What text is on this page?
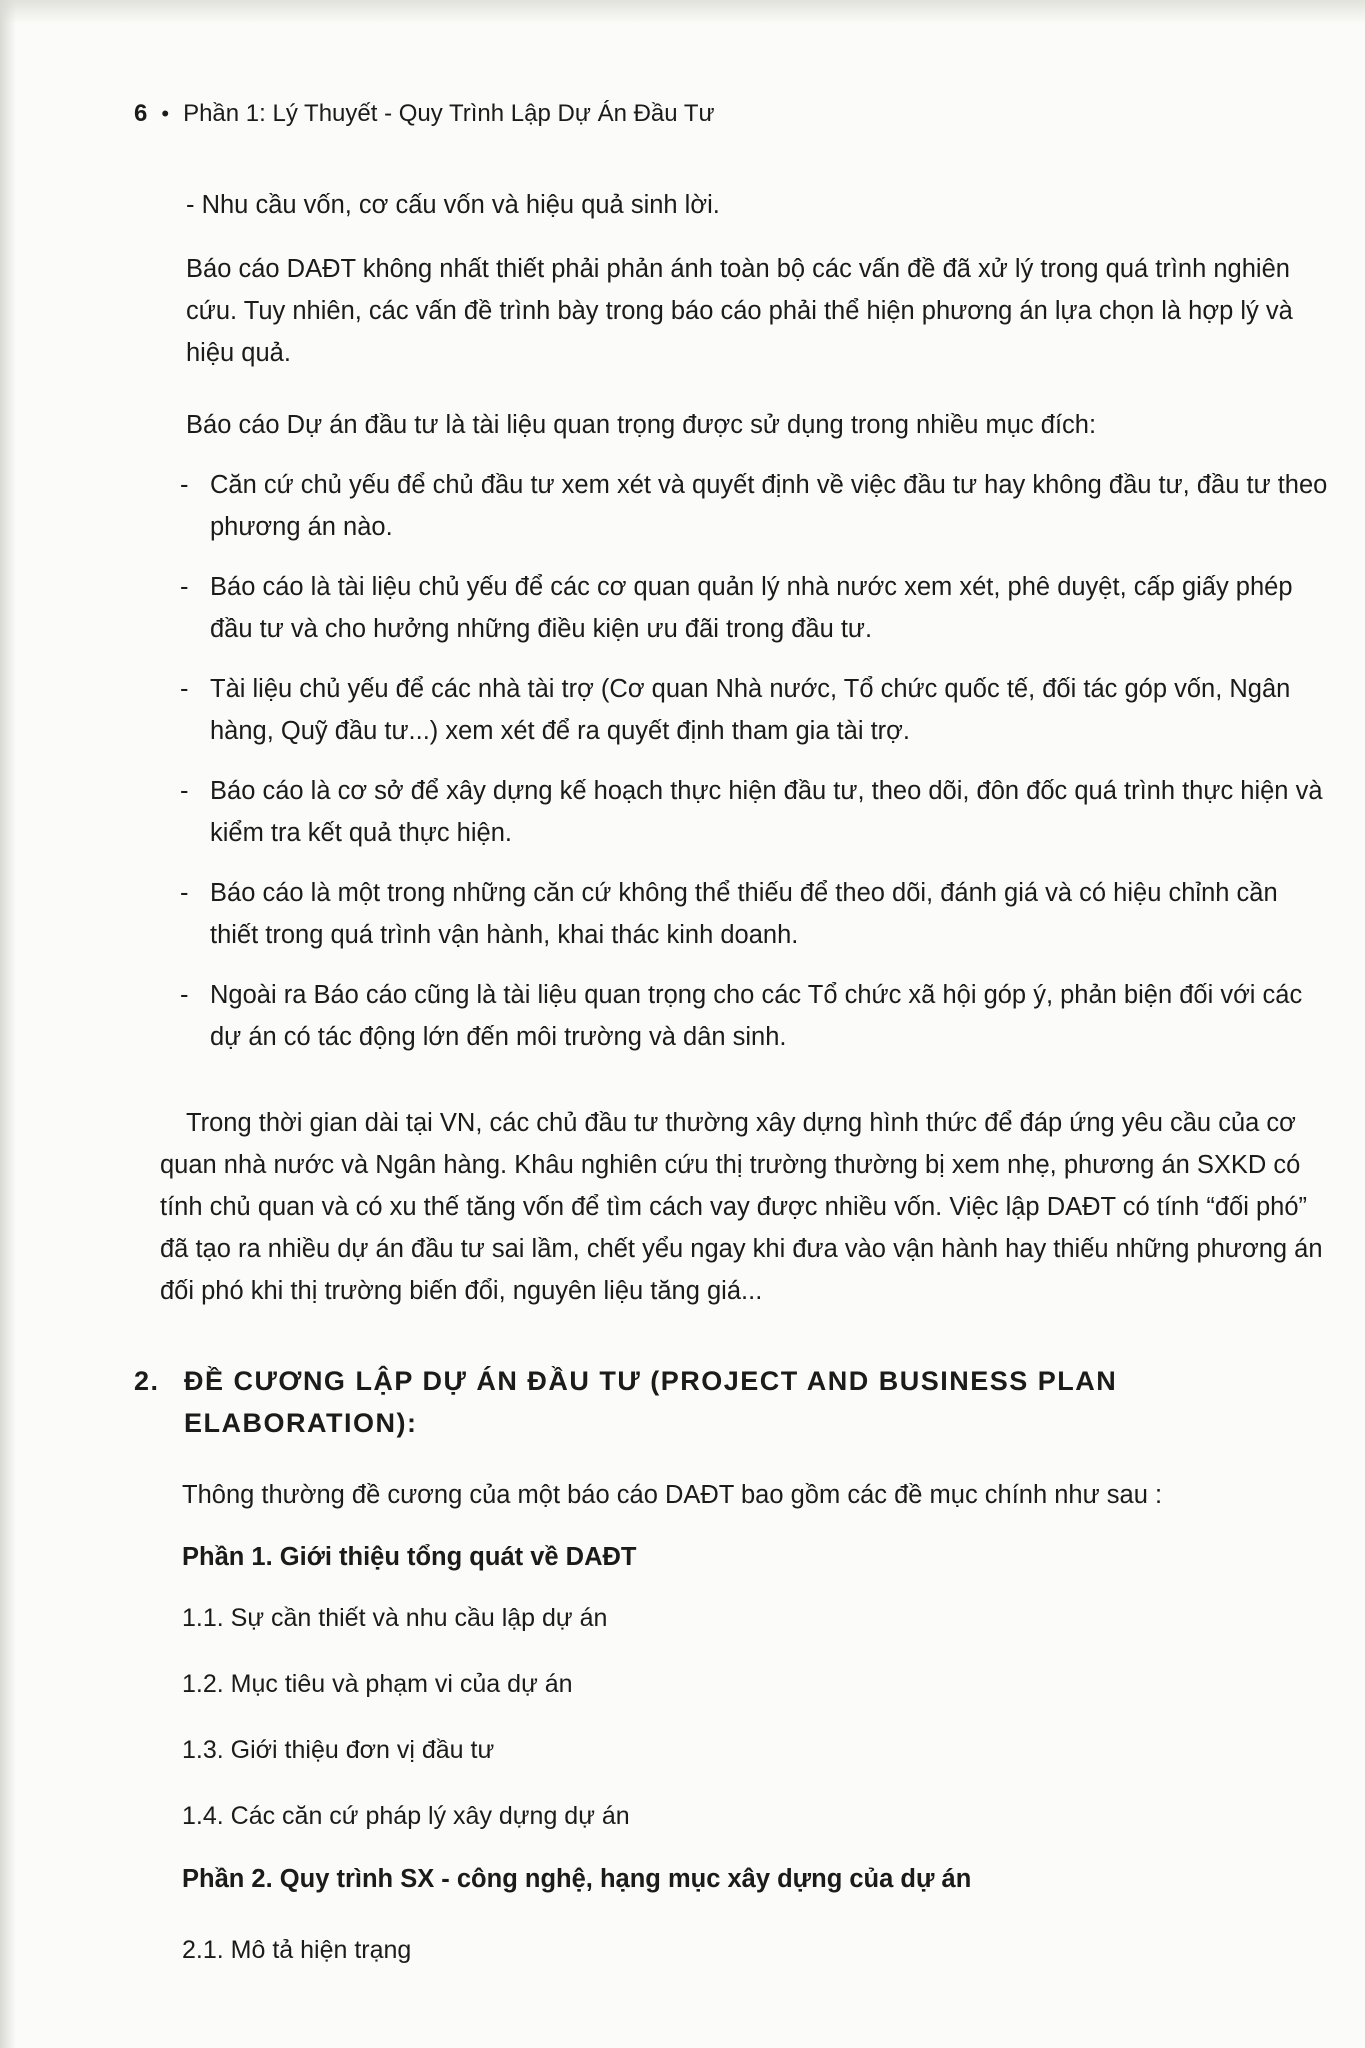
6 • Phần 1: Lý Thuyết - Quy Trình Lập Dự Án Đầu Tư

- Nhu cầu vốn, cơ cấu vốn và hiệu quả sinh lời.

Báo cáo DAĐT không nhất thiết phải phản ánh toàn bộ các vấn đề đã xử lý trong quá trình nghiên cứu. Tuy nhiên, các vấn đề trình bày trong báo cáo phải thể hiện phương án lựa chọn là hợp lý và hiệu quả.

Báo cáo Dự án đầu tư là tài liệu quan trọng được sử dụng trong nhiều mục đích:

- Căn cứ chủ yếu để chủ đầu tư xem xét và quyết định về việc đầu tư hay không đầu tư, đầu tư theo phương án nào.
- Báo cáo là tài liệu chủ yếu để các cơ quan quản lý nhà nước xem xét, phê duyệt, cấp giấy phép đầu tư và cho hưởng những điều kiện ưu đãi trong đầu tư.
- Tài liệu chủ yếu để các nhà tài trợ (Cơ quan Nhà nước, Tổ chức quốc tế, đối tác góp vốn, Ngân hàng, Quỹ đầu tư...) xem xét để ra quyết định tham gia tài trợ.
- Báo cáo là cơ sở để xây dựng kế hoạch thực hiện đầu tư, theo dõi, đôn đốc quá trình thực hiện và kiểm tra kết quả thực hiện.
- Báo cáo là một trong những căn cứ không thể thiếu để theo dõi, đánh giá và có hiệu chỉnh cần thiết trong quá trình vận hành, khai thác kinh doanh.
- Ngoài ra Báo cáo cũng là tài liệu quan trọng cho các Tổ chức xã hội góp ý, phản biện đối với các dự án có tác động lớn đến môi trường và dân sinh.

Trong thời gian dài tại VN, các chủ đầu tư thường xây dựng hình thức để đáp ứng yêu cầu của cơ quan nhà nước và Ngân hàng. Khâu nghiên cứu thị trường thường bị xem nhẹ, phương án SXKD có tính chủ quan và có xu thế tăng vốn để tìm cách vay được nhiều vốn. Việc lập DAĐT có tính “đối phó” đã tạo ra nhiều dự án đầu tư sai lầm, chết yểu ngay khi đưa vào vận hành hay thiếu những phương án đối phó khi thị trường biến đổi, nguyên liệu tăng giá...

2. ĐỀ CƯƠNG LẬP DỰ ÁN ĐẦU TƯ (PROJECT AND BUSINESS PLAN
ELABORATION):

Thông thường đề cương của một báo cáo DAĐT bao gồm các đề mục chính như sau :

Phần 1. Giới thiệu tổng quát về DAĐT

1.1. Sự cần thiết và nhu cầu lập dự án
1.2. Mục tiêu và phạm vi của dự án
1.3. Giới thiệu đơn vị đầu tư
1.4. Các căn cứ pháp lý xây dựng dự án

Phần 2. Quy trình SX - công nghệ, hạng mục xây dựng của dự án

2.1. Mô tả hiện trạng
